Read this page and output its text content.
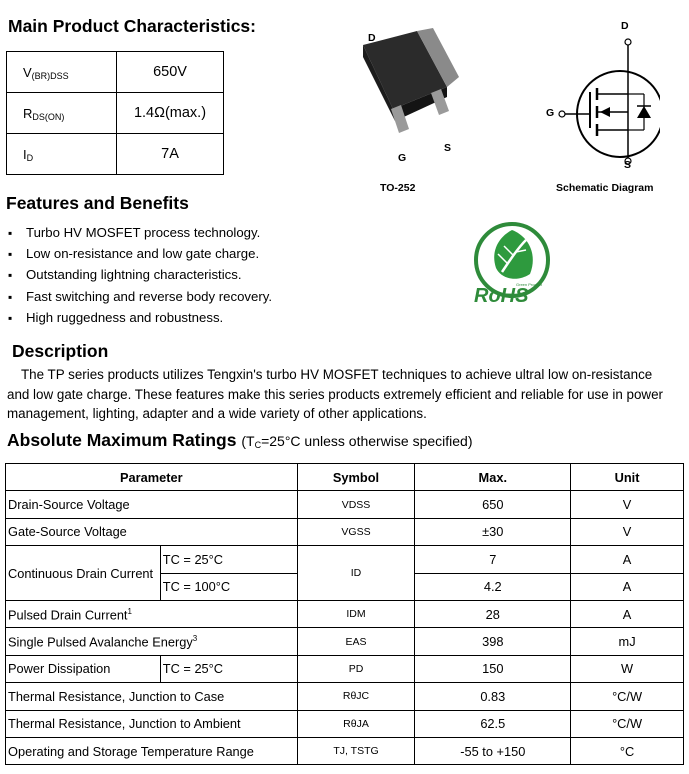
Main Product Characteristics:
$V_{(BR)DSS}$	650V
$R_{DS(ON)}$	1.4Ω(max.)
$I_D$	7A
D
G
S
TO-252
D
S
G
Schematic Diagram
RoHS
Green Product
Features and Benefits
▪ Turbo HV MOSFET process technology.
▪ Low on-resistance and low gate charge.
▪ Outstanding lightning characteristics.
▪ Fast switching and reverse body recovery.
▪ High ruggedness and robustness.
Description
The TP series products utilizes Tengxin's turbo HV MOSFET techniques to achieve ultral low on-resistance and low gate charge. These features make this series products extremely efficient and reliable for use in power management, lighting, adapter and a wide variety of other applications.
Absolute Maximum Ratings ($T_C=25^\circ C$ unless otherwise specified)
Parameter		Symbol	Max.	Unit
Drain-Source Voltage		VDSS	650	V
Gate-Source Voltage		VGSS	±30	V
Continuous Drain Current	TC = 25°C	ID	7	A
	TC = 100°C		4.2	A
Pulsed Drain Current$^1$		IDM	28	A
Single Pulsed Avalanche Energy$^3$		EAS	398	mJ
Power Dissipation	TC = 25°C	PD	150	W
Thermal Resistance, Junction to Case		RθJC	0.83	°C/W
Thermal Resistance, Junction to Ambient		RθJA	62.5	°C/W
Operating and Storage Temperature Range		TJ, TSTG	-55 to +150	°C
